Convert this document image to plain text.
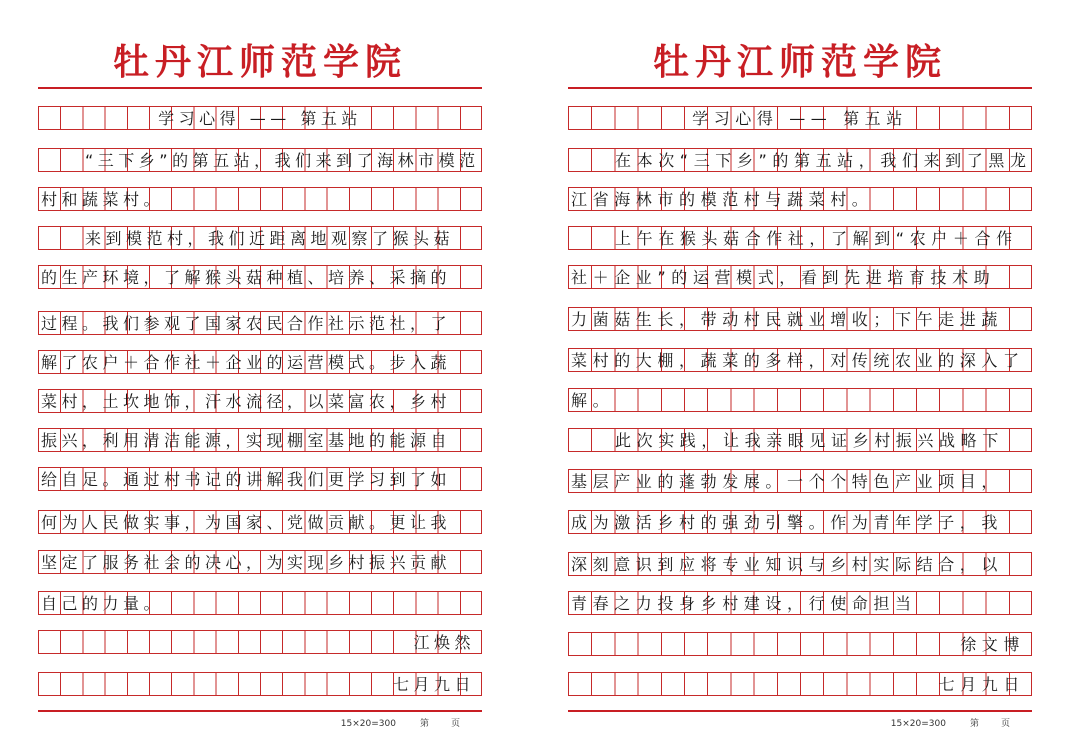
牡丹江师范学院
学习心得 —— 第五站
“三下乡”的第五站，我们来到了海林市模范
村和蔬菜村。
来到模范村，我们近距离地观察了猴头菇
的生产环境，了解猴头菇种植、培养、采摘的
过程。我们参观了国家农民合作社示范社，了
解了农户＋合作社＋企业的运营模式。步入蔬
菜村，土坎地饰，汗水流径，以菜富农，乡村
振兴，利用清洁能源，实现棚室基地的能源自
给自足。通过村书记的讲解我们更学习到了如
何为人民做实事，为国家、党做贡献。更让我
坚定了服务社会的决心，为实现乡村振兴贡献
自己的力量。
江焕然
七月九日
15×20=300	第 页
牡丹江师范学院
学习心得 —— 第五站
在本次“三下乡”的第五站，我们来到了黑龙
江省海林市的模范村与蔬菜村。
上午在猴头菇合作社，了解到“农户＋合作
社＋企业”的运营模式，看到先进培育技术助
力菌菇生长，带动村民就业增收；下午走进蔬
菜村的大棚，蔬菜的多样，对传统农业的深入了
解。
此次实践，让我亲眼见证乡村振兴战略下
基层产业的蓬勃发展。一个个特色产业项目，
成为激活乡村的强劲引擎。作为青年学子，我
深刻意识到应将专业知识与乡村实际结合，以
青春之力投身乡村建设，行使命担当
徐文博
七月九日
15×20=300	第 页
